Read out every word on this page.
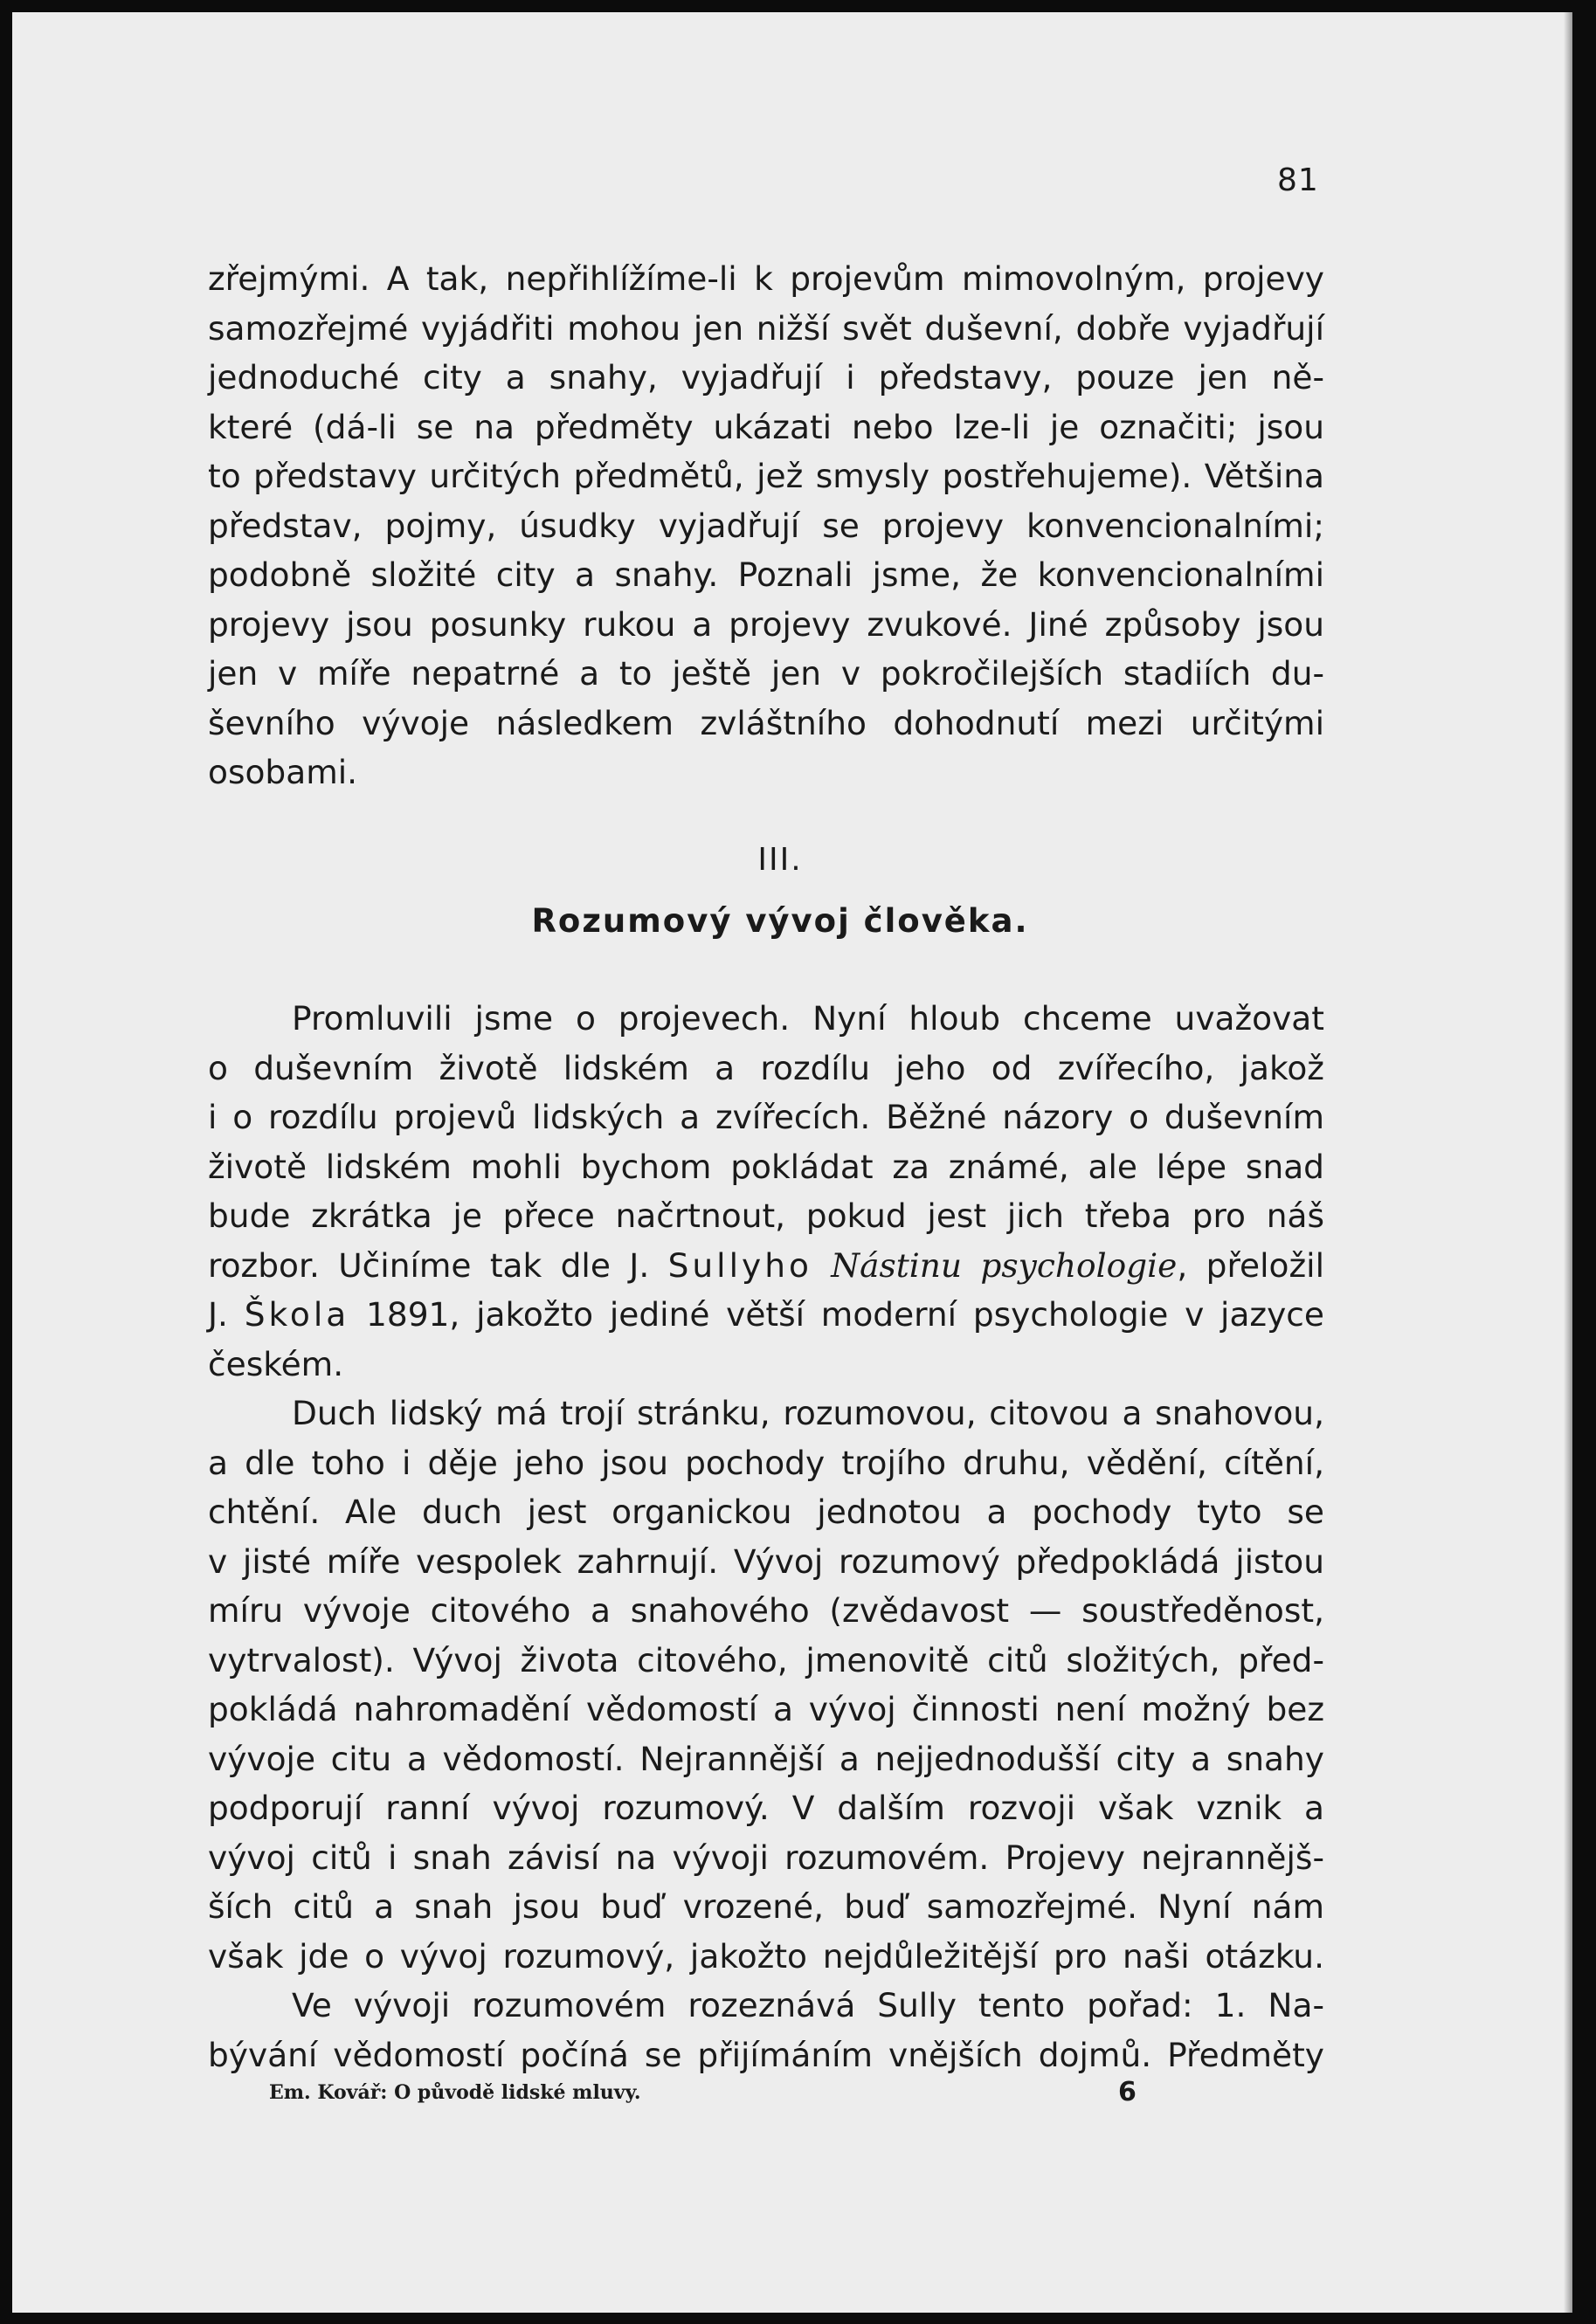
81
zřejmými. A tak, nepřihlížíme-li k projevům mimovolným, projevy
samozřejmé vyjádřiti mohou jen nižší svět duševní, dobře vyjadřují
jednoduché city a snahy, vyjadřují i představy, pouze jen ně-
které (dá-li se na předměty ukázati nebo lze-li je označiti; jsou
to představy určitých předmětů, jež smysly postřehujeme). Většina
představ, pojmy, úsudky vyjadřují se projevy konvencionalními;
podobně složité city a snahy. Poznali jsme, že konvencionalními
projevy jsou posunky rukou a projevy zvukové. Jiné způsoby jsou
jen v míře nepatrné a to ještě jen v pokročilejších stadiích du-
ševního vývoje následkem zvláštního dohodnutí mezi určitými
osobami.
III.
Rozumový vývoj člověka.
Promluvili jsme o projevech. Nyní hloub chceme uvažovat
o duševním životě lidském a rozdílu jeho od zvířecího, jakož
i o rozdílu projevů lidských a zvířecích. Běžné názory o duševním
životě lidském mohli bychom pokládat za známé, ale lépe snad
bude zkrátka je přece načrtnout, pokud jest jich třeba pro náš
rozbor. Učiníme tak dle J. Sullyho Nástinu psychologie, přeložil
J. Škola 1891, jakožto jediné větší moderní psychologie v jazyce
českém.
Duch lidský má trojí stránku, rozumovou, citovou a snahovou,
a dle toho i děje jeho jsou pochody trojího druhu, vědění, cítění,
chtění. Ale duch jest organickou jednotou a pochody tyto se
v jisté míře vespolek zahrnují. Vývoj rozumový předpokládá jistou
míru vývoje citového a snahového (zvědavost — soustředěnost,
vytrvalost). Vývoj života citového, jmenovitě citů složitých, před-
pokládá nahromadění vědomostí a vývoj činnosti není možný bez
vývoje citu a vědomostí. Nejrannější a nejjednodušší city a snahy
podporují ranní vývoj rozumový. V dalším rozvoji však vznik a
vývoj citů i snah závisí na vývoji rozumovém. Projevy nejrannějš-
ších citů a snah jsou buď vrozené, buď samozřejmé. Nyní nám
však jde o vývoj rozumový, jakožto nejdůležitější pro naši otázku.
Ve vývoji rozumovém rozeznává Sully tento pořad: 1. Na-
bývání vědomostí počíná se přijímáním vnějších dojmů. Předměty
Em. Kovář: O původě lidské mluvy.	6
